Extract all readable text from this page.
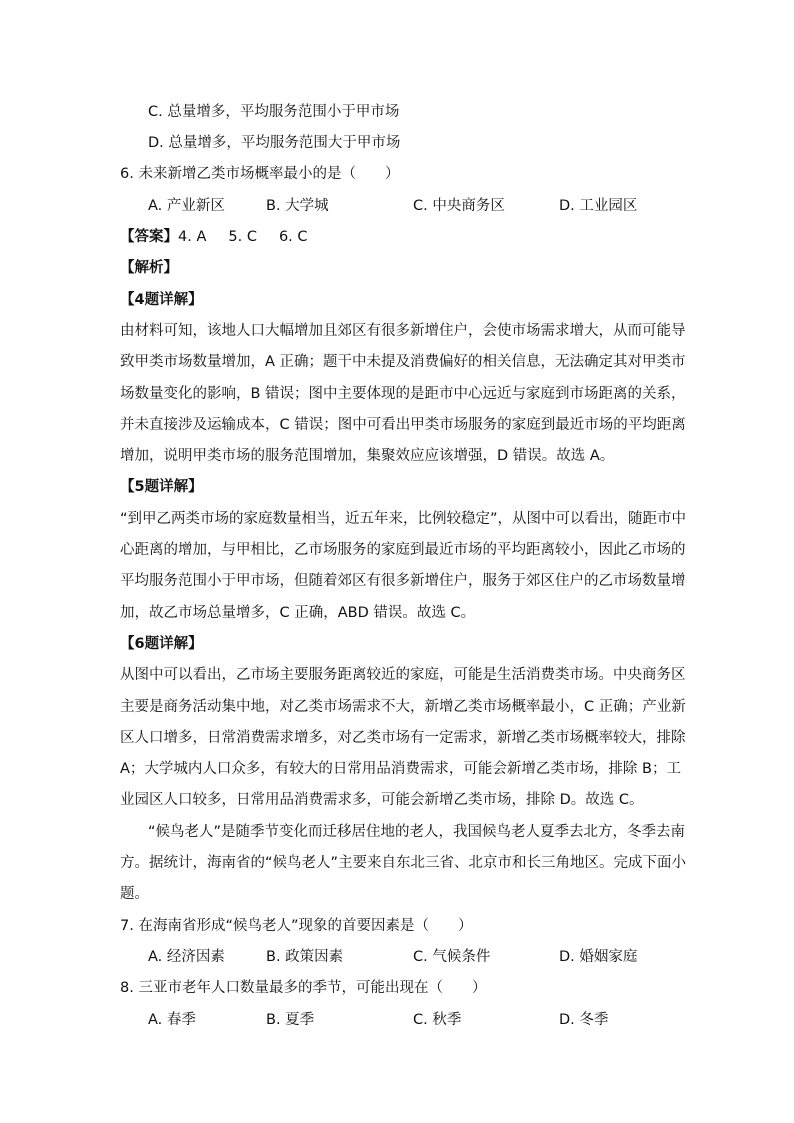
C. 总量增多，平均服务范围小于甲市场
D. 总量增多，平均服务范围大于甲市场
6. 未来新增乙类市场概率最小的是（　　）
A. 产业新区	B. 大学城	C. 中央商务区	D. 工业园区
【答案】4. A 5. C 6. C
【解析】
【4题详解】
由材料可知，该地人口大幅增加且郊区有很多新增住户，会使市场需求增大，从而可能导
致甲类市场数量增加，A 正确；题干中未提及消费偏好的相关信息，无法确定其对甲类市
场数量变化的影响，B 错误；图中主要体现的是距市中心远近与家庭到市场距离的关系，
并未直接涉及运输成本，C 错误；图中可看出甲类市场服务的家庭到最近市场的平均距离
增加，说明甲类市场的服务范围增加，集聚效应应该增强，D 错误。故选 A。
【5题详解】
“到甲乙两类市场的家庭数量相当，近五年来，比例较稳定”，从图中可以看出，随距市中
心距离的增加，与甲相比，乙市场服务的家庭到最近市场的平均距离较小，因此乙市场的
平均服务范围小于甲市场，但随着郊区有很多新增住户，服务于郊区住户的乙市场数量增
加，故乙市场总量增多，C 正确，ABD 错误。故选 C。
【6题详解】
从图中可以看出，乙市场主要服务距离较近的家庭，可能是生活消费类市场。中央商务区
主要是商务活动集中地，对乙类市场需求不大，新增乙类市场概率最小，C 正确；产业新
区人口增多，日常消费需求增多，对乙类市场有一定需求，新增乙类市场概率较大，排除
A；大学城内人口众多，有较大的日常用品消费需求，可能会新增乙类市场，排除 B；工
业园区人口较多，日常用品消费需求多，可能会新增乙类市场，排除 D。故选 C。
“候鸟老人”是随季节变化而迁移居住地的老人，我国候鸟老人夏季去北方，冬季去南
方。据统计，海南省的“候鸟老人”主要来自东北三省、北京市和长三角地区。完成下面小
题。
7. 在海南省形成“候鸟老人”现象的首要因素是（　　）
A. 经济因素	B. 政策因素	C. 气候条件	D. 婚姻家庭
8. 三亚市老年人口数量最多的季节，可能出现在（　　）
A. 春季	B. 夏季	C. 秋季	D. 冬季
